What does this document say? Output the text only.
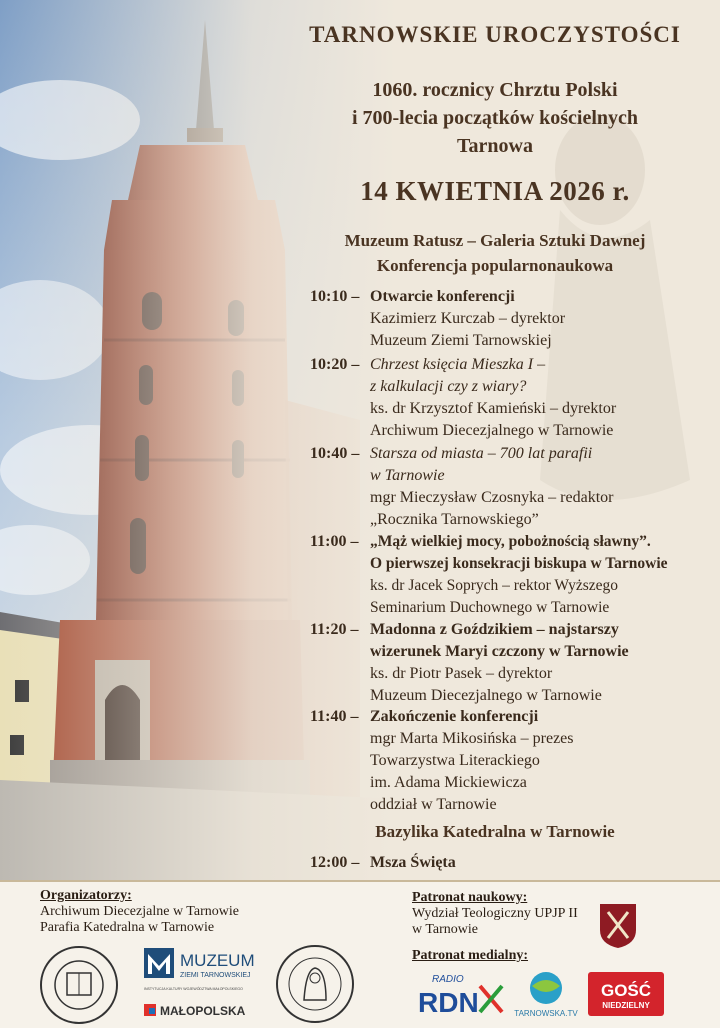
TARNOWSKIE UROCZYSTOŚCI
1060. rocznicy Chrztu Polski
i 700-lecia początków kościelnych
Tarnowa
14 KWIETNIA 2026 r.
Muzeum Ratusz – Galeria Sztuki Dawnej
Konferencja popularnonaukowa
10:10 – Otwarcie konferencji
Kazimierz Kurczab – dyrektor
Muzeum Ziemi Tarnowskiej
10:20 – Chrzest księcia Mieszka I –
z kalkulacji czy z wiary?
ks. dr Krzysztof Kamieński – dyrektor
Archiwum Diecezjalnego w Tarnowie
10:40 – Starsza od miasta – 700 lat parafii
w Tarnowie
mgr Mieczysław Czosnyka – redaktor
„Rocznika Tarnowskiego”
11:00 – „Mąż wielkiej mocy, pobożnością sławny”.
O pierwszej konsekracji biskupa w Tarnowie
ks. dr Jacek Soprych – rektor Wyższego
Seminarium Duchownego w Tarnowie
11:20 – Madonna z Goździkiem – najstarszy
wizerunek Maryi czczony w Tarnowie
ks. dr Piotr Pasek – dyrektor
Muzeum Diecezjalnego w Tarnowie
11:40 – Zakończenie konferencji
mgr Marta Mikosińska – prezes
Towarzystwa Literackiego
im. Adama Mickiewicza
oddział w Tarnowie
Bazylika Katedralna w Tarnowie
12:00 – Msza Święta
Organizatorzy:
Archiwum Diecezjalne w Tarnowie
Parafia Katedralna w Tarnowie
Patronat naukowy:
Wydział Teologiczny UPJP II
w Tarnowie
Patronat medialny:
MUZEUM
ZIEMI TARNOWSKIEJ
INSTYTUCJA KULTURY WOJEWÓDZTWA MAŁOPOLSKIEGO
MAŁOPOLSKA
RADIO
RDN	TARNOWSKA.TV
GOŚĆ
NIEDZIELNY
